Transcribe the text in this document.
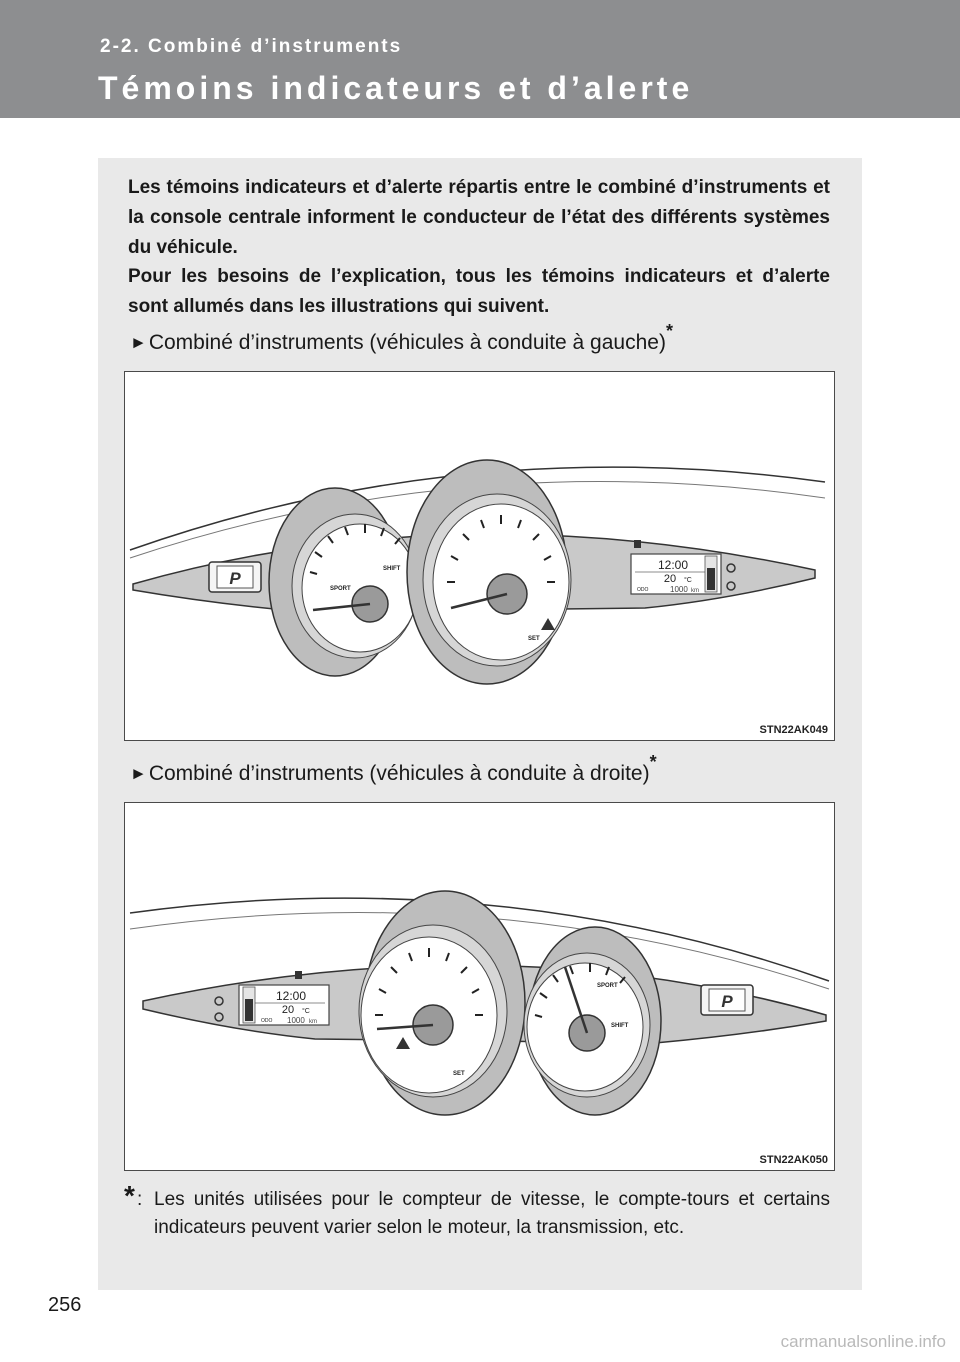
2-2. Combiné d’instruments
Témoins indicateurs et d’alerte

Les témoins indicateurs et d’alerte répartis entre le combiné d’instruments et la console centrale informent le conducteur de l’état des différents systèmes du véhicule.

Pour les besoins de l’explication, tous les témoins indicateurs et d’alerte sont allumés dans les illustrations qui suivent.

►Combiné d’instruments (véhicules à conduite à gauche)*
P	SHIFT
SPORT
SET
12:00
20 °C
ODO	1000 km
STN22AK049
►Combiné d’instruments (véhicules à conduite à droite)*
12:00
20 °C
ODO 1000 km
SET
SHIFT
SPORT
P
STN22AK050
* : Les unités utilisées pour le compteur de vitesse, le compte-tours et certains indicateurs peuvent varier selon le moteur, la transmission, etc.
256
carmanualsonline.info
